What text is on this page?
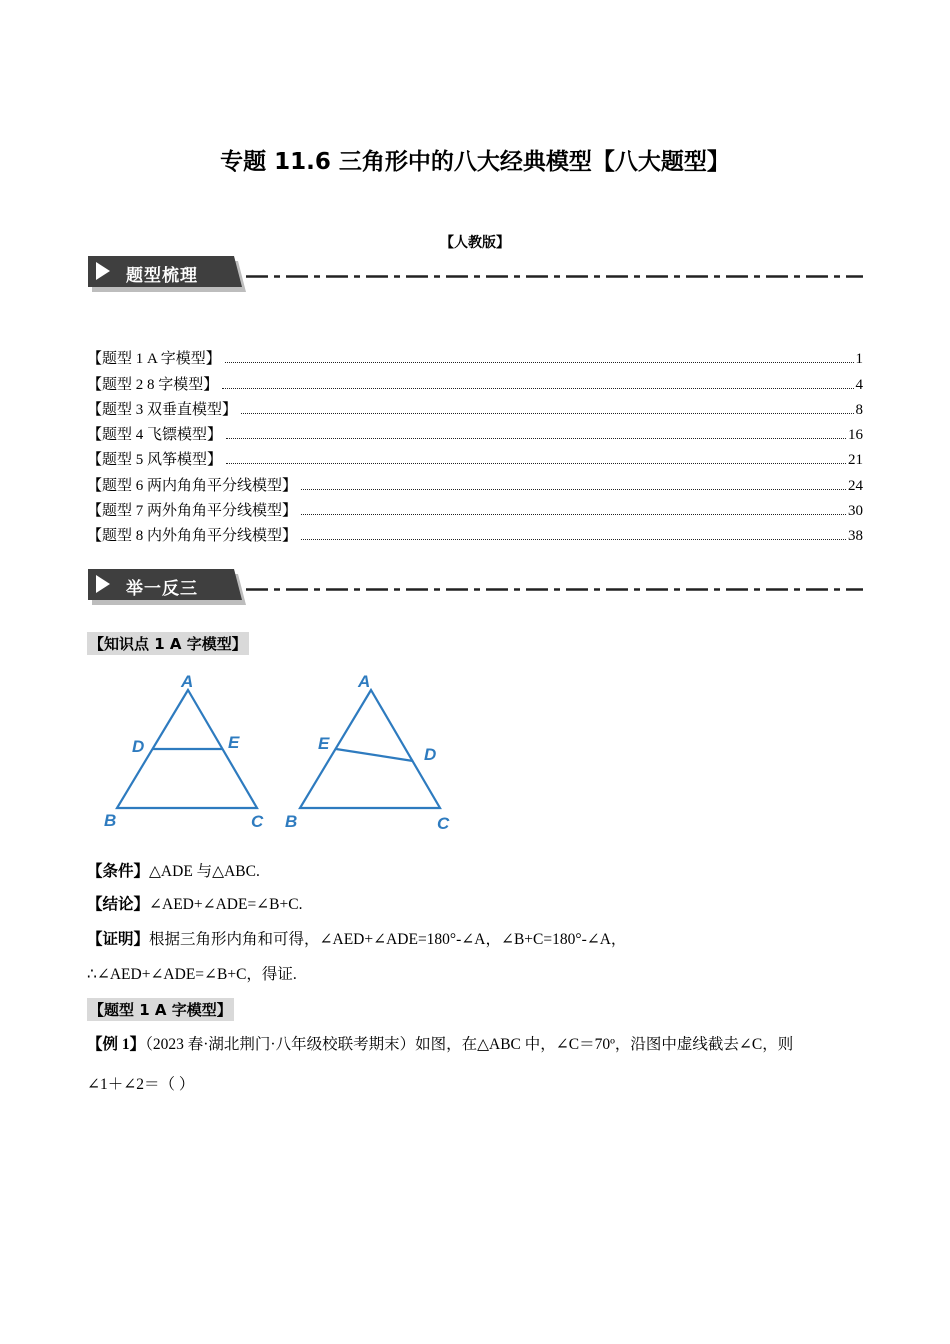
专题 11.6 三角形中的八大经典模型【八大题型】
【人教版】
题型梳理
【题型 1 A 字模型】	1
【题型 2 8 字模型】	4
【题型 3 双垂直模型】	8
【题型 4 飞镖模型】	16
【题型 5 风筝模型】	21
【题型 6 两内角角平分线模型】	24
【题型 7 两外角角平分线模型】	30
【题型 8 内外角角平分线模型】	38
举一反三
【知识点 1 A 字模型】
A
D	E
B	C
A
E
D
B	C
【条件】△ADE 与△ABC.
【结论】∠AED+∠ADE=∠B+C.
【证明】根据三角形内角和可得，∠AED+∠ADE=180°-∠A，∠B+C=180°-∠A，
∴∠AED+∠ADE=∠B+C，得证.
【题型 1 A 字模型】
【例 1】（2023 春·湖北荆门·八年级校联考期末）如图，在△ABC 中，∠C＝70º，沿图中虚线截去∠C，则
∠1＋∠2＝（ ）
